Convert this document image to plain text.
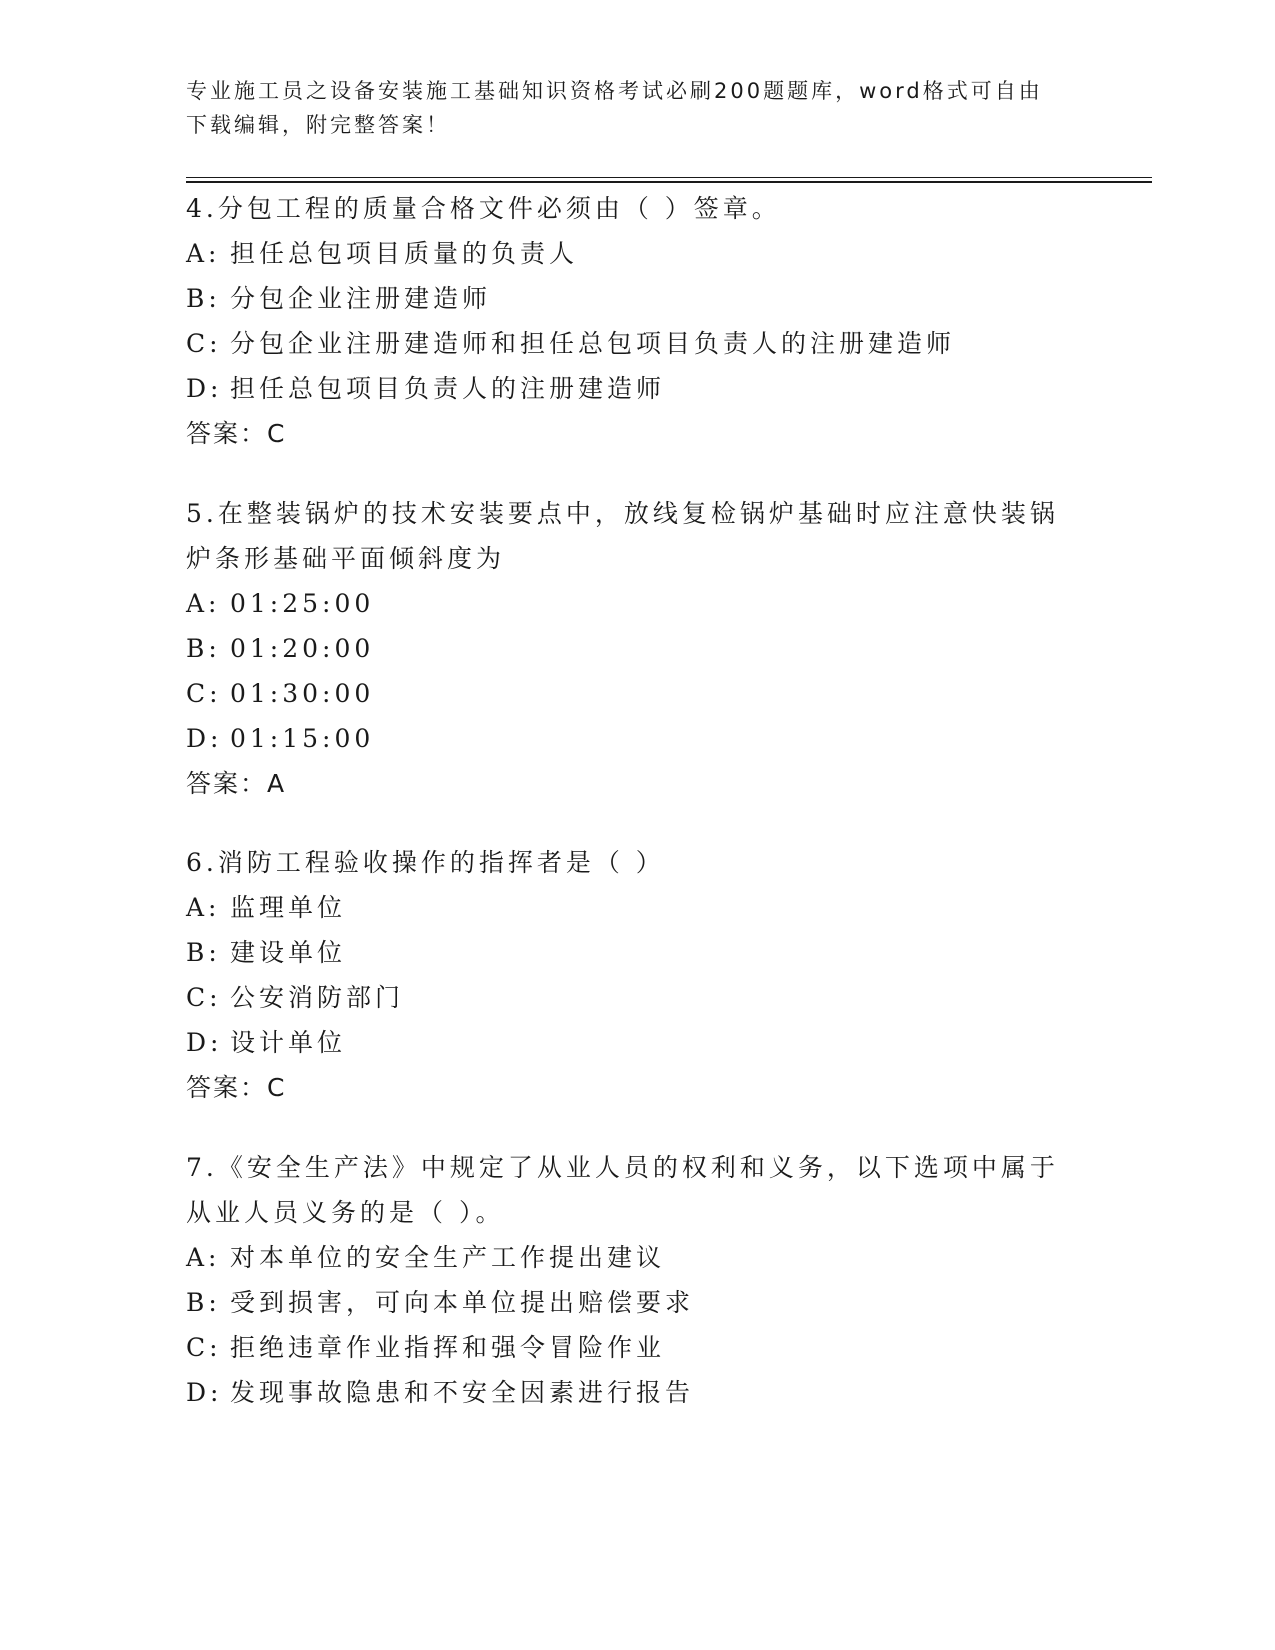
专业施工员之设备安装施工基础知识资格考试必刷200题题库，word格式可自由
下载编辑，附完整答案！
4.分包工程的质量合格文件必须由（ ）签章。
A: 担任总包项目质量的负责人
B: 分包企业注册建造师
C: 分包企业注册建造师和担任总包项目负责人的注册建造师
D: 担任总包项目负责人的注册建造师
答案：C
5.在整装锅炉的技术安装要点中，放线复检锅炉基础时应注意快装锅
炉条形基础平面倾斜度为
A: 01:25:00
B: 01:20:00
C: 01:30:00
D: 01:15:00
答案：A
6.消防工程验收操作的指挥者是（ ）
A: 监理单位
B: 建设单位
C: 公安消防部门
D: 设计单位
答案：C
7.《安全生产法》中规定了从业人员的权利和义务，以下选项中属于
从业人员义务的是（ ）。
A: 对本单位的安全生产工作提出建议
B: 受到损害，可向本单位提出赔偿要求
C: 拒绝违章作业指挥和强令冒险作业
D: 发现事故隐患和不安全因素进行报告
